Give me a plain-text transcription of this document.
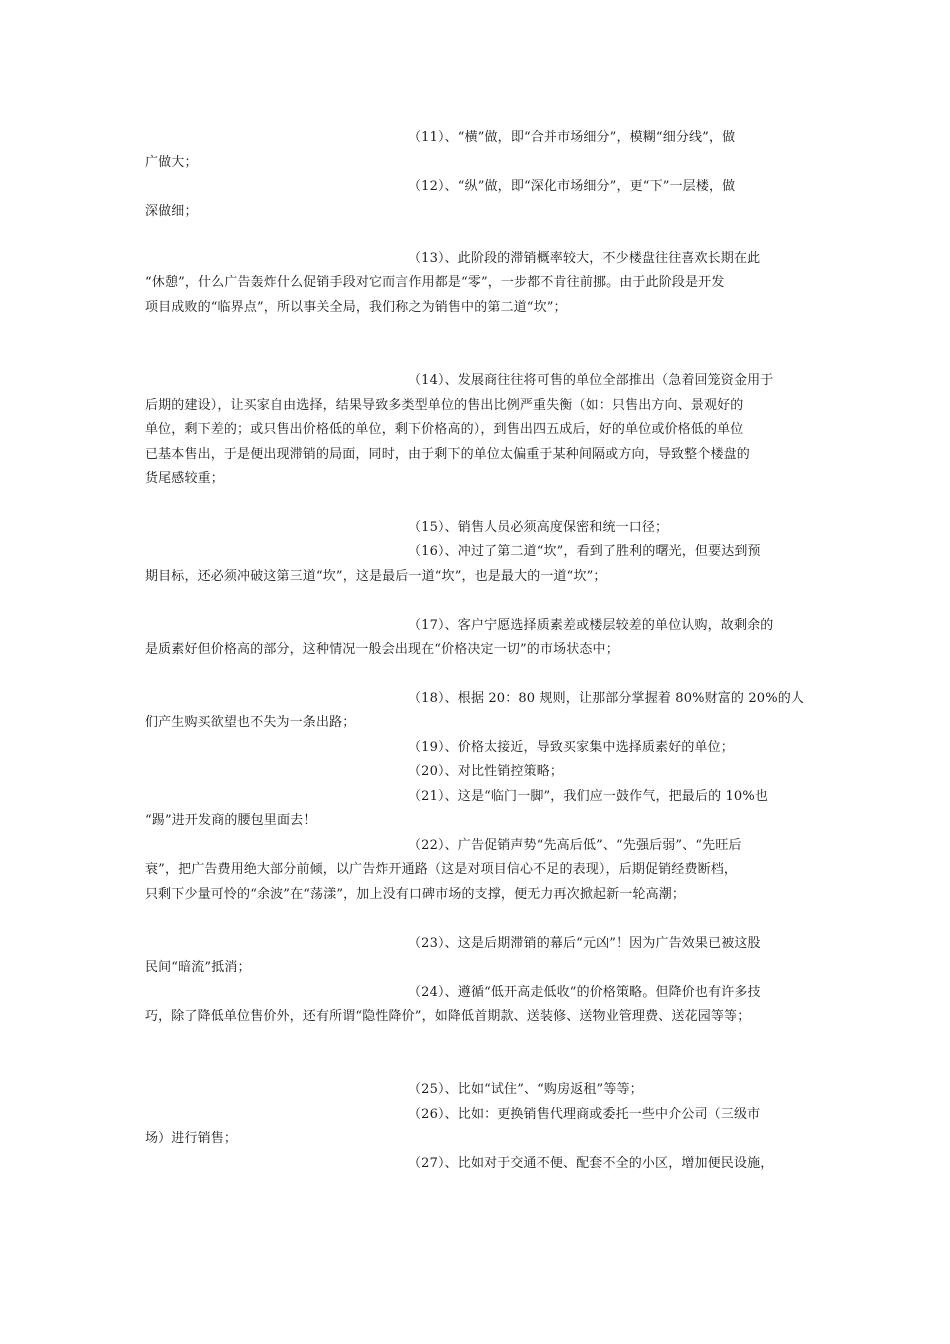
（11）、“横”做，即“合并市场细分”，模糊“细分线”，做
广做大；
（12）、“纵”做，即“深化市场细分”，更“下”一层楼，做
深做细；
（13）、此阶段的滞销概率较大，不少楼盘往往喜欢长期在此
“休憩”，什么广告轰炸什么促销手段对它而言作用都是“零”，一步都不肯往前挪。由于此阶段是开发
项目成败的“临界点”，所以事关全局，我们称之为销售中的第二道“坎”；
（14）、发展商往往将可售的单位全部推出（急着回笼资金用于
后期的建设），让买家自由选择，结果导致多类型单位的售出比例严重失衡（如：只售出方向、景观好的
单位，剩下差的；或只售出价格低的单位，剩下价格高的），到售出四五成后，好的单位或价格低的单位
已基本售出，于是便出现滞销的局面，同时，由于剩下的单位太偏重于某种间隔或方向，导致整个楼盘的
货尾感较重；
（15）、销售人员必须高度保密和统一口径；
（16）、冲过了第二道“坎”，看到了胜利的曙光，但要达到预
期目标，还必须冲破这第三道“坎”，这是最后一道“坎”，也是最大的一道“坎”；
（17）、客户宁愿选择质素差或楼层较差的单位认购，故剩余的
是质素好但价格高的部分，这种情况一般会出现在“价格决定一切”的市场状态中；
（18）、根据 20：80 规则，让那部分掌握着 80%财富的 20%的人
们产生购买欲望也不失为一条出路；
（19）、价格太接近，导致买家集中选择质素好的单位；
（20）、对比性销控策略；
（21）、这是“临门一脚”，我们应一鼓作气，把最后的 10%也
“踢”进开发商的腰包里面去！
（22）、广告促销声势“先高后低”、“先强后弱”、“先旺后
衰”，把广告费用绝大部分前倾，以广告炸开通路（这是对项目信心不足的表现），后期促销经费断档，
只剩下少量可怜的“余波”在“荡漾”，加上没有口碑市场的支撑，便无力再次掀起新一轮高潮；
（23）、这是后期滞销的幕后“元凶”！因为广告效果已被这股
民间“暗流”抵消；
（24）、遵循“低开高走低收”的价格策略。但降价也有许多技
巧，除了降低单位售价外，还有所谓“隐性降价”，如降低首期款、送装修、送物业管理费、送花园等等；
（25）、比如“试住”、“购房返租”等等；
（26）、比如：更换销售代理商或委托一些中介公司（三级市
场）进行销售；
（27）、比如对于交通不便、配套不全的小区，增加便民设施，
